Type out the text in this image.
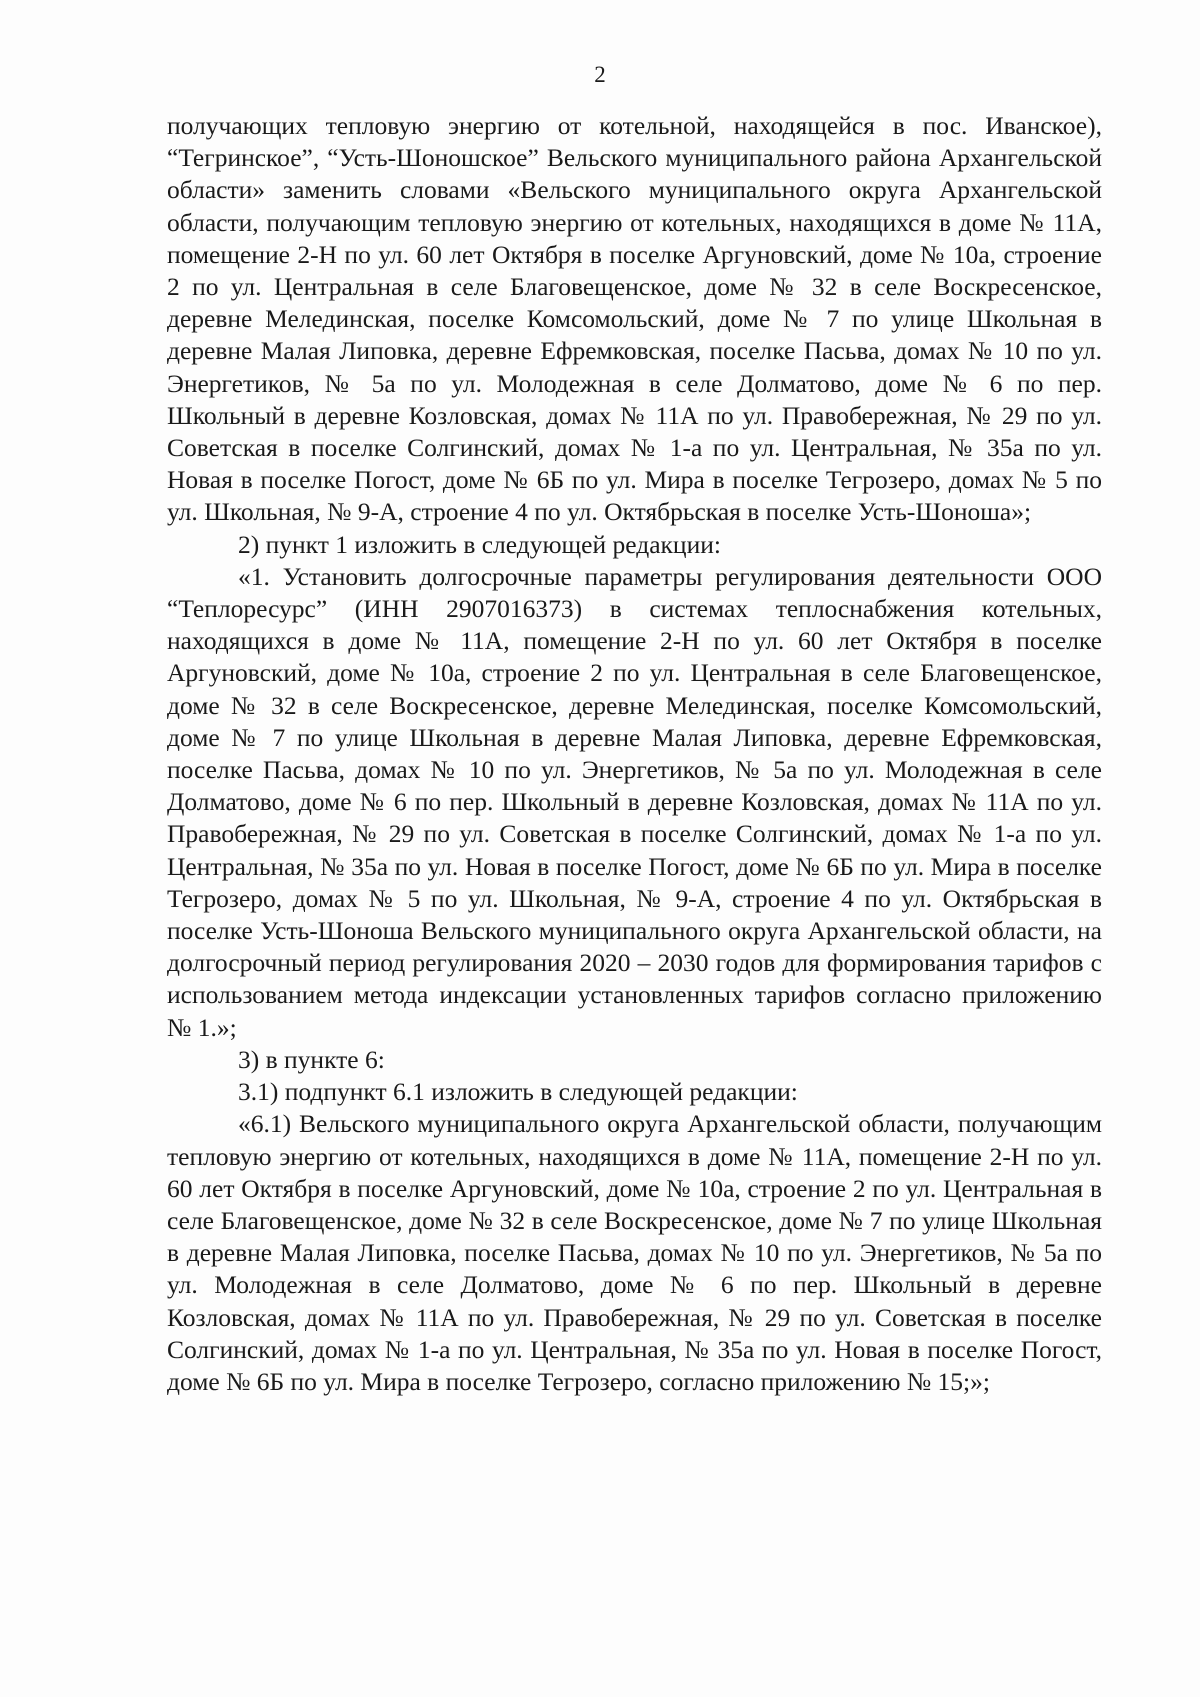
2

получающих тепловую энергию от котельной, находящейся в пос. Иванское), “Тегринское”, “Усть-Шоношское” Вельского муниципального района Архангельской области» заменить словами «Вельского муниципального округа Архангельской области, получающим тепловую энергию от котельных, находящихся в доме № 11А, помещение 2-Н по ул. 60 лет Октября в поселке Аргуновский, доме № 10а, строение 2 по ул. Центральная в селе Благовещенское, доме № 32 в селе Воскресенское, деревне Мелединская, поселке Комсомольский, доме № 7 по улице Школьная в деревне Малая Липовка, деревне Ефремковская, поселке Пасьва, домах № 10 по ул. Энергетиков, № 5а по ул. Молодежная в селе Долматово, доме № 6 по пер. Школьный в деревне Козловская, домах № 11А по ул. Правобережная, № 29 по ул. Советская в поселке Солгинский, домах № 1-а по ул. Центральная, № 35а по ул. Новая в поселке Погост, доме № 6Б по ул. Мира в поселке Тегрозеро, домах № 5 по ул. Школьная, № 9-А, строение 4 по ул. Октябрьская в поселке Усть-Шоноша»;

2) пункт 1 изложить в следующей редакции:

«1. Установить долгосрочные параметры регулирования деятельности ООО “Теплоресурс” (ИНН 2907016373) в системах теплоснабжения котельных, находящихся в доме № 11А, помещение 2-Н по ул. 60 лет Октября в поселке Аргуновский, доме № 10а, строение 2 по ул. Центральная в селе Благовещенское, доме № 32 в селе Воскресенское, деревне Мелединская, поселке Комсомольский, доме № 7 по улице Школьная в деревне Малая Липовка, деревне Ефремковская, поселке Пасьва, домах № 10 по ул. Энергетиков, № 5а по ул. Молодежная в селе Долматово, доме № 6 по пер. Школьный в деревне Козловская, домах № 11А по ул. Правобережная, № 29 по ул. Советская в поселке Солгинский, домах № 1-а по ул. Центральная, № 35а по ул. Новая в поселке Погост, доме № 6Б по ул. Мира в поселке Тегрозеро, домах № 5 по ул. Школьная, № 9-А, строение 4 по ул. Октябрьская в поселке Усть-Шоноша Вельского муниципального округа Архангельской области, на долгосрочный период регулирования 2020 – 2030 годов для формирования тарифов с использованием метода индексации установленных тарифов согласно приложению № 1.»;

3) в пункте 6:

3.1) подпункт 6.1 изложить в следующей редакции:

«6.1) Вельского муниципального округа Архангельской области, получающим тепловую энергию от котельных, находящихся в доме № 11А, помещение 2-Н по ул. 60 лет Октября в поселке Аргуновский, доме № 10а, строение 2 по ул. Центральная в селе Благовещенское, доме № 32 в селе Воскресенское, доме № 7 по улице Школьная в деревне Малая Липовка, поселке Пасьва, домах № 10 по ул. Энергетиков, № 5а по ул. Молодежная в селе Долматово, доме № 6 по пер. Школьный в деревне Козловская, домах № 11А по ул. Правобережная, № 29 по ул. Советская в поселке Солгинский, домах № 1-а по ул. Центральная, № 35а по ул. Новая в поселке Погост, доме № 6Б по ул. Мира в поселке Тегрозеро, согласно приложению № 15;»;
